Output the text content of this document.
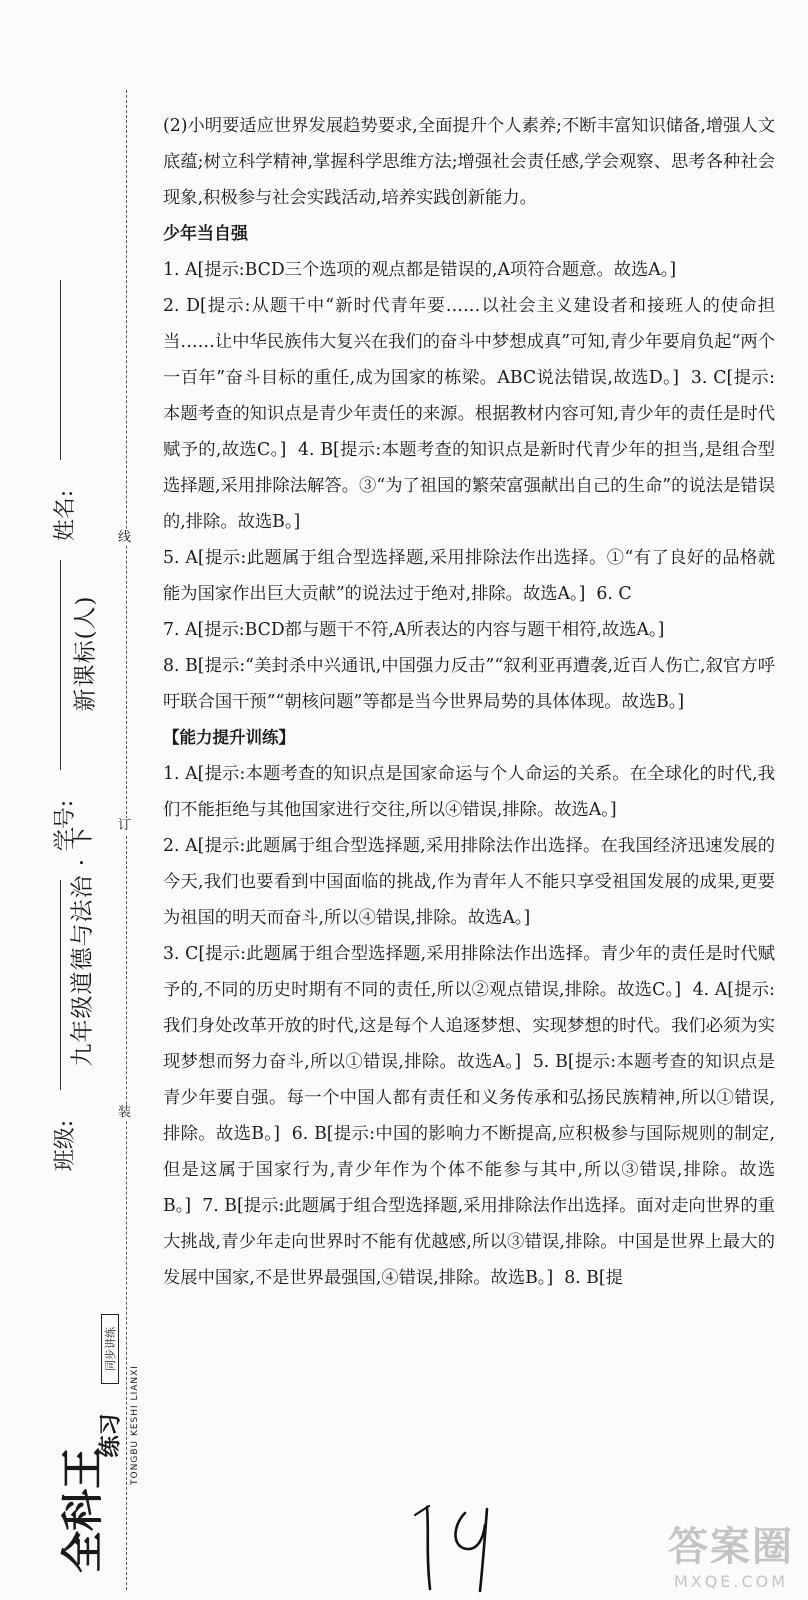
姓名:
学号:
班级:
九年级道德与法治 · 下
新课标(人)
线
订
装
全科王
同步讲练
练习 TONGBU KESHI LIANXI

(2)小明要适应世界发展趋势要求,全面提升个人素养;不断丰富知识储备,增强人文底蕴;树立科学精神,掌握科学思维方法;增强社会责任感,学会观察、思考各种社会现象,积极参与社会实践活动,培养实践创新能力。

少年当自强

1. A[提示:BCD三个选项的观点都是错误的,A项符合题意。故选A。]

2. D[提示:从题干中“新时代青年要……以社会主义建设者和接班人的使命担当……让中华民族伟大复兴在我们的奋斗中梦想成真”可知,青少年要肩负起“两个一百年”奋斗目标的重任,成为国家的栋梁。ABC说法错误,故选D。] 3. C[提示:本题考查的知识点是青少年责任的来源。根据教材内容可知,青少年的责任是时代赋予的,故选C。] 4. B[提示:本题考查的知识点是新时代青少年的担当,是组合型选择题,采用排除法解答。③“为了祖国的繁荣富强献出自己的生命”的说法是错误的,排除。故选B。]

5. A[提示:此题属于组合型选择题,采用排除法作出选择。①“有了良好的品格就能为国家作出巨大贡献”的说法过于绝对,排除。故选A。] 6. C

7. A[提示:BCD都与题干不符,A所表达的内容与题干相符,故选A。]

8. B[提示:“美封杀中兴通讯,中国强力反击”“叙利亚再遭袭,近百人伤亡,叙官方呼吁联合国干预”“朝核问题”等都是当今世界局势的具体体现。故选B。]

【能力提升训练】

1. A[提示:本题考查的知识点是国家命运与个人命运的关系。在全球化的时代,我们不能拒绝与其他国家进行交往,所以④错误,排除。故选A。]

2. A[提示:此题属于组合型选择题,采用排除法作出选择。在我国经济迅速发展的今天,我们也要看到中国面临的挑战,作为青年人不能只享受祖国发展的成果,更要为祖国的明天而奋斗,所以④错误,排除。故选A。]

3. C[提示:此题属于组合型选择题,采用排除法作出选择。青少年的责任是时代赋予的,不同的历史时期有不同的责任,所以②观点错误,排除。故选C。] 4. A[提示:我们身处改革开放的时代,这是每个人追逐梦想、实现梦想的时代。我们必须为实现梦想而努力奋斗,所以①错误,排除。故选A。] 5. B[提示:本题考查的知识点是青少年要自强。每一个中国人都有责任和义务传承和弘扬民族精神,所以①错误,排除。故选B。] 6. B[提示:中国的影响力不断提高,应积极参与国际规则的制定,但是这属于国家行为,青少年作为个体不能参与其中,所以③错误,排除。故选B。] 7. B[提示:此题属于组合型选择题,采用排除法作出选择。面对走向世界的重大挑战,青少年走向世界时不能有优越感,所以③错误,排除。中国是世界上最大的发展中国家,不是世界最强国,④错误,排除。故选B。] 8. B[提

答案圈
MXQE.COM
